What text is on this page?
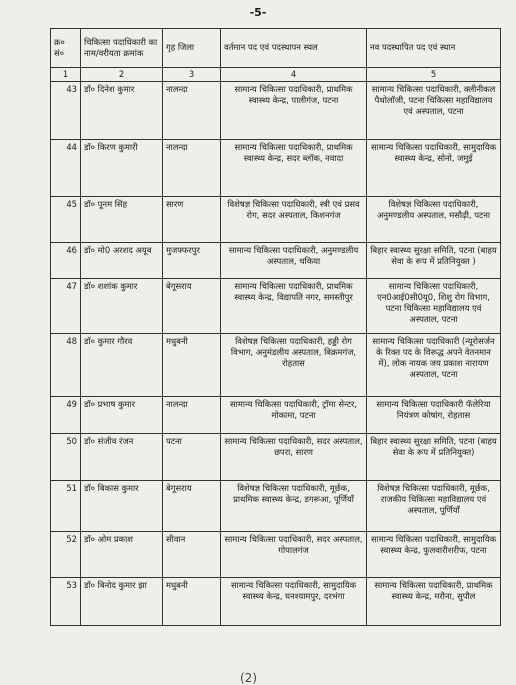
-5-
क्र० सं०	चिकित्सा पदाधिकारी का नाम/वरीयता क्रमांक	गृह जिला	वर्तमान पद एवं पदस्थापन स्थल	नव पदस्थापित पद एवं स्थान
1	2	3	4	5
43	डॉ० दिनेश कुमार	नालन्दा	सामान्य चिकित्सा पदाधिकारी, प्राथमिक स्वास्थ्य केन्द्र, पालीगंज, पटना	सामान्य चिकित्सा पदाधिकारी, क्लीनीकल पैथोलॉजी, पटना चिकित्सा महाविद्यालय एवं अस्पताल, पटना
44	डॉ० किरण कुमारी	नालन्दा	सामान्य चिकित्सा पदाधिकारी, प्राथमिक स्वास्थ्य केन्द्र, सदर ब्लॉक, नवादा	सामान्य चिकित्सा पदाधिकारी, सामुदायिक स्वास्थ्य केन्द्र, सोनो, जमुई
45	डॉ० पूनम सिंह	सारण	विशेषज्ञ चिकित्सा पदाधिकारी, स्त्री एवं प्रसव रोग, सदर अस्पताल, किशनगंज	विशेषज्ञ चिकित्सा पदाधिकारी, अनुमण्डलीय अस्पताल, मसौढ़ी, पटना
46	डॉ० मो0 अरशद अयूब	मुजफ्फरपुर	सामान्य चिकित्सा पदाधिकारी, अनुमण्डलीय अस्पताल, चकिया	बिहार स्वास्थ्य सुरक्षा समिति, पटना (बाहय सेवा के रूप में प्रतिनियुक्त )
47	डॉ० शशांक कुमार	बेगूसराय	सामान्य चिकित्सा पदाधिकारी, प्राथमिक स्वास्थ्य केन्द्र, विद्यापति नगर, समस्तीपुर	सामान्य चिकित्सा पदाधिकारी, एन0आई0सी0यू0, शिशु रोग विभाग, पटना चिकित्सा महाविद्यालय एवं अस्पताल, पटना
48	डॉ० कुमार गौरव	मधुबनी	विशेषज्ञ चिकित्सा पदाधिकारी, हड्डी रोग विभाग, अनुमंडलीय अस्पताल, बिक्रमगंज, रोहतास	सामान्य चिकित्सा पदाधिकारी (न्यूरोसर्जन के रिक्त पद के विरूद्ध अपने वेतनमान में), लोक नायक जय प्रकाश नारायण अस्पताल, पटना
49	डॉ० प्रभाष कुमार	नालन्दा	सामान्य चिकित्सा पदाधिकारी, ट्रॉमा सेन्टर, मोकामा, पटना	सामान्य चिकित्सा पदाधिकारी फॅलेरिया नियंत्रण कोषांग, रोहतास
50	डॉ० संजीव रंजन	पटना	सामान्य चिकित्सा पदाधिकारी, सदर अस्पताल, छपरा, सारण	बिहार स्वास्थ्य सुरक्षा समिति, पटना (बाहय सेवा के रूप में प्रतिनियुक्त)
51	डॉ० बिकास कुमार	बेगूसराय	विशेषज्ञ चिकित्सा पदाधिकारी, मूर्छक, प्राथमिक स्वास्थ्य केन्द्र, डगरूआ, पूर्णियाँ	विशेषज्ञ चिकित्सा पदाधिकारी, मूर्छक, राजकीय चिकित्सा महाविद्यालय एवं अस्पताल, पूर्णियाँ
52	डॉ० ओम प्रकाश	सीवान	सामान्य चिकित्सा पदाधिकारी, सदर अस्पताल, गोपालगंज	सामान्य चिकित्सा पदाधिकारी, सामुदायिक स्वास्थ्य केन्द्र, फुलवारीशरीफ, पटना
53	डॉ० बिनोद कुमार झा	मधुबनी	सामान्य चिकित्सा पदाधिकारी, सामुदायिक स्वास्थ्य केन्द्र, घनश्यामपुर, दरभंगा	सामान्य चिकित्सा पदाधिकारी, प्राथमिक स्वास्थ्य केन्द्र, मरौना, सुपौल
(2)
